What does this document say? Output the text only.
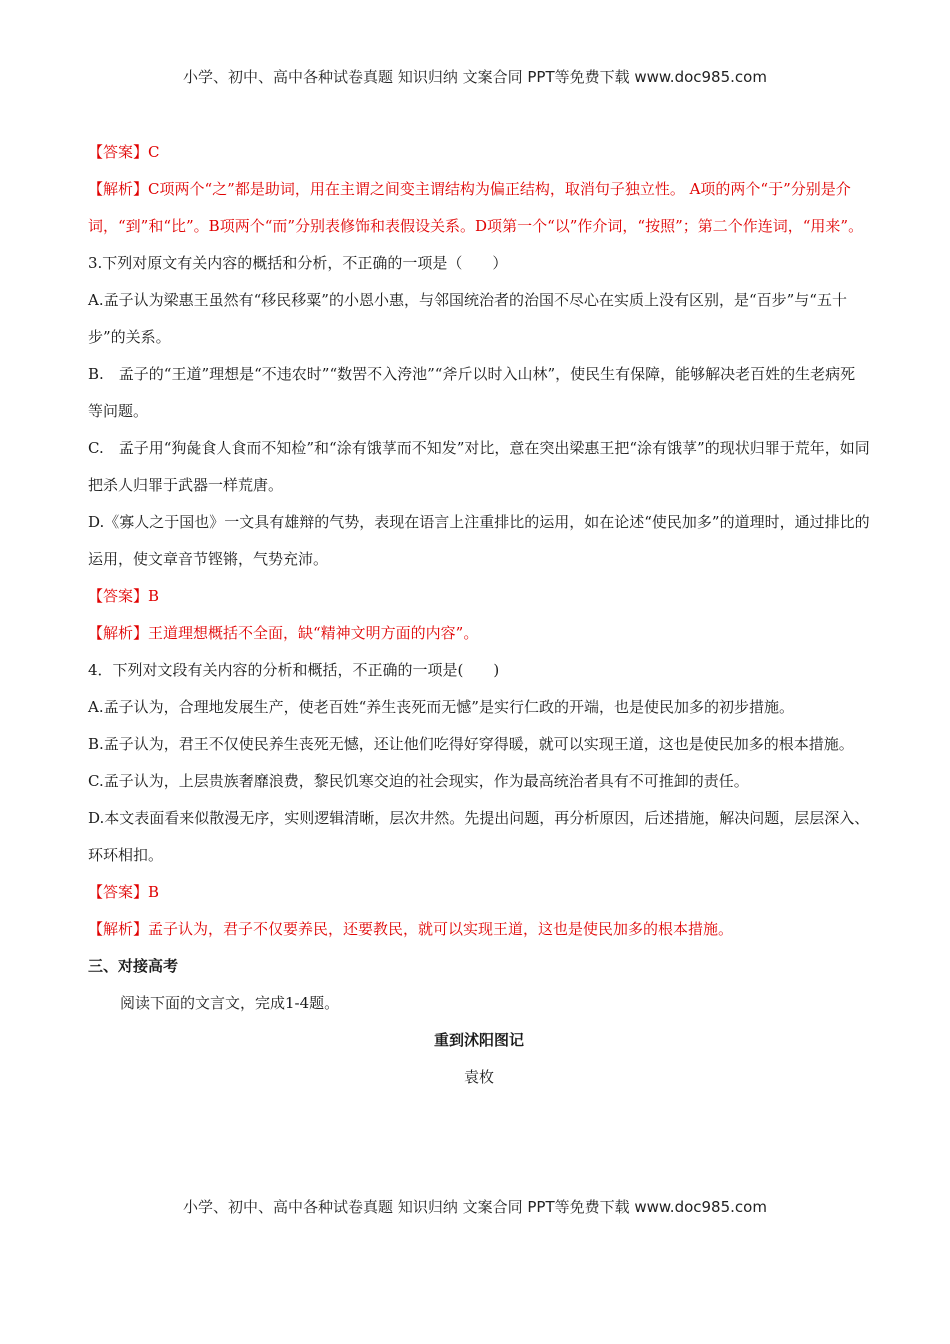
小学、初中、高中各种试卷真题 知识归纳 文案合同 PPT等免费下载 www.doc985.com

【答案】C

【解析】C项两个“之”都是助词，用在主谓之间变主谓结构为偏正结构，取消句子独立性。 A项的两个“于”分别是介词，“到”和“比”。B项两个“而”分别表修饰和表假设关系。D项第一个“以”作介词，“按照”；第二个作连词，“用来”。

3.下列对原文有关内容的概括和分析，不正确的一项是（　　）

A.孟子认为梁惠王虽然有“移民移粟”的小恩小惠，与邻国统治者的治国不尽心在实质上没有区别，是“百步”与“五十步”的关系。

B.　孟子的“王道”理想是“不违农时”“数罟不入洿池”“斧斤以时入山林”，使民生有保障，能够解决老百姓的生老病死等问题。

C.　孟子用“狗彘食人食而不知检”和“涂有饿莩而不知发”对比，意在突出梁惠王把“涂有饿莩”的现状归罪于荒年，如同把杀人归罪于武器一样荒唐。

D.《寡人之于国也》一文具有雄辩的气势，表现在语言上注重排比的运用，如在论述“使民加多”的道理时，通过排比的运用，使文章音节铿锵，气势充沛。

【答案】B

【解析】王道理想概括不全面，缺“精神文明方面的内容”。

4．下列对文段有关内容的分析和概括，不正确的一项是(　　)

A.孟子认为，合理地发展生产，使老百姓“养生丧死而无憾”是实行仁政的开端，也是使民加多的初步措施。

B.孟子认为，君王不仅使民养生丧死无憾，还让他们吃得好穿得暖，就可以实现王道，这也是使民加多的根本措施。

C.孟子认为，上层贵族奢靡浪费，黎民饥寒交迫的社会现实，作为最高统治者具有不可推卸的责任。

D.本文表面看来似散漫无序，实则逻辑清晰，层次井然。先提出问题，再分析原因，后述措施，解决问题，层层深入、环环相扣。

【答案】B

【解析】孟子认为，君子不仅要养民，还要教民，就可以实现王道，这也是使民加多的根本措施。

三、对接高考

阅读下面的文言文，完成1-4题。

重到沭阳图记

袁枚

小学、初中、高中各种试卷真题 知识归纳 文案合同 PPT等免费下载 www.doc985.com
